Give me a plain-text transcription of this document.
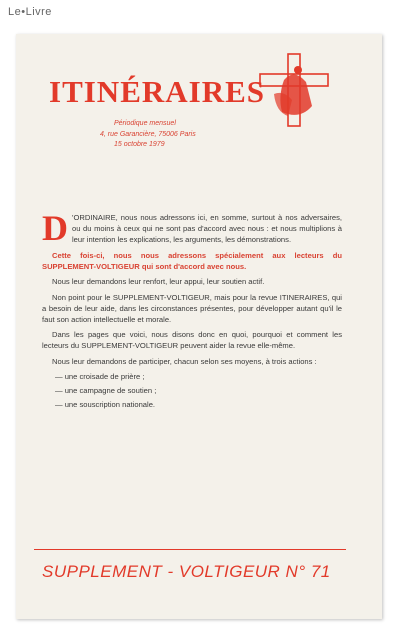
Le•Livre
ITINÉRAIRES
Périodique mensuel
4, rue Garancière, 75006 Paris
15 octobre 1979

D 'ORDINAIRE, nous nous adressons ici, en somme, surtout à nos adversaires, ou du moins à ceux qui ne sont pas d'accord avec nous : et nous multiplions à leur intention les explications, les arguments, les démonstrations.

Cette fois-ci, nous nous adressons spécialement aux lecteurs du SUPPLEMENT-VOLTIGEUR qui sont d'accord avec nous.

Nous leur demandons leur renfort, leur appui, leur soutien actif.

Non point pour le SUPPLEMENT-VOLTIGEUR, mais pour la revue ITINERAIRES, qui a besoin de leur aide, dans les circonstances présentes, pour développer autant qu'il le faut son action intellectuelle et morale.

Dans les pages que voici, nous disons donc en quoi, pourquoi et comment les lecteurs du SUPPLEMENT-VOLTIGEUR peuvent aider la revue elle-même.

Nous leur demandons de participer, chacun selon ses moyens, à trois actions :

— une croisade de prière ;
— une campagne de soutien ;
— une souscription nationale.
SUPPLEMENT - VOLTIGEUR N° 71
